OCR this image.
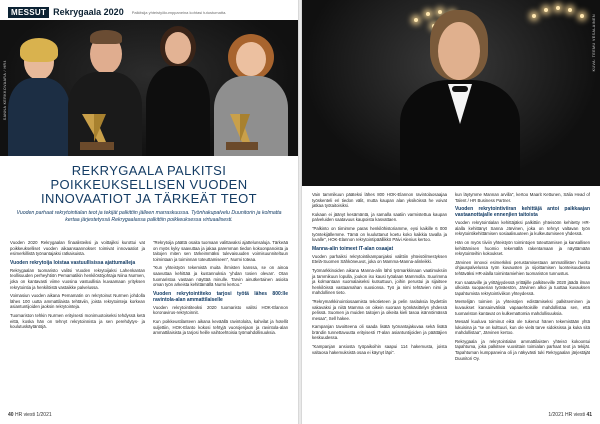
MESSUT Rekrygaala 2020 Palkitsija yhteistyökumppaneina kohtasi tutustumatta.
SANNA KERKKOVAARA / HR4
REKRYGAALA PALKITSI POIKKEUKSELLISEN VUODEN INNOVAATIOT JA TÄRKEÄT TEOT
Vuoden parhaat rekrytointialan teot ja tekijät palkittiin jälleen marraskuussa. Työnhakupalvelu Duunitorin ja kolmatta kertaa järjestetyssä Rekrygaalassa palkittiin poikkeuksessa virtuaalisesti.

Vuoden 2020 Rekrygaalan finaalisteiksi ja voittajiksi kurottui vat poikkeukselliset vuoden aikaansaannokset toimivat innovaatiot ja esimerkillistä työnantajaksi ratkaisuista.

Vuoden rekrytoija loistaa vastuullisissa ajattumalleja

Rekrygaalan tuomaristo valitsi Vuoden rekrytoijaksi Lahenkantan teollisuuden perheyhtiön Pemamatikin henkilöstöjohtaja Niina Nurmen, joka on kantavasti viime vuosina vastuullisia kuvaamaan yrityksen rekrytointia ja henkilöistä vastaikke palvelussa.

Voimasiun vuoden aikana Pemamatin on rekrytoinut Nurmen johdolla lähes 100 uutta ammattilaista tehtäviin, joista rekrytointeja korkean asiantuntijoiden jaoksin rekrytointeja.

Tuomariston tehkin Nurmen erityisesti monimuotoiseksi tehdyssä ketä eittä, koska hän on tehnyt rekrytoinnista ja sen perehdytys- ja koulutuskäytäntöjä.

"Rekrytoija päättä osaita tuomaan valittavaksi ajattelunsaluja. Tärkeää on myös kyky saavuttaa ja jakaa paremman tiedon kokoonpanoista ja taitojen miten sen tärkeimmäksi tulevaisuuden voimisuunniteltuun toimintaan ja toiminnan toteuttamiseen", Nurmi toteaa.

"Kun yhteistyön tekemistä muita ihmisten kanssa, se on ainoa saavuttaa kehittää ja kustannuksia 'yhdan tosien olevan'. Otan tuomaristoa vastaan näyttää minulle. Tarvin ainutkertainen asioita oman työn arkeista kehittämällä Nurmi kertoo."

Vuoden rekrytointiteko tarjosi työtä lähes 800:lle ravintola-alan ammattilaiselle

Vuoden rekrytointiteoksi 2020 tuomaristo valitsi HOK-Elannon koronavirus-rekrytoinnit.

Kun poikkeustilanteen aikana keväällä ravintoloita, kahvilat ja hotellit suljettiin, HOK-Elanto kokosi tehtyjä vuorojenjaon ja ravintola-alan ammattilaisista ja tarjosi heille vaihtoehtoisia työmahdollisuuksia.

40 HR viesti 1/2021
KUVA: TEEMU VESALAINEN

Vain tammikuun pääteksi lähes 800 HOK-Elannon ravintolaosaajaa työskenteli eri tiedon välit, mutta kaupan alan yksiköissä he voivat jatkaa työtaitoisiksi.

Kukaan ei jäänyt kesämäntä, ja samalla saatiin varmistettua kaupan palveluiden saatavuus kaupoista kasvattaen.

"Palkinto on tiimimme paras henkilöhistoriamme, eysi kaikille 6 000 työntekijällemme. Tämä on kuuluttanut koetu koko kaikkia tavalla ja luvalle", HOK-Elannon rekrytointipäällikkö Päivi Alenius kertoo.

Manna-alin toimeet IT-alan osaajat

Vuoden parhaiksi rekrytointikampanjaksi valittiin yhteisöilmestyksen Etelä-Suomen Sähköneuvot, joka on Mamma-Manna-alinleikki.

Työmarkkinoiden aikana Manna-alin lähti työmarkkinaan vaatimuksiin ja tammikuun lopulla, joukon iso kausi työalaan Mammolla. Suurimma ja kolmantaan suomalaiseksi kutsuttuun, joihin perustui ja sijaitsee henkilöissä vastaamahan suosionsa. Työ ja nimi tehtävien nimi ja mahdollinen tieto.

"Rekrymarkkinointiosaamista tekotieteen ja pelin rasituksia löydettiin vakavaksi ja niitä Mamma on oikein suoraan työnkäsittelyn yhdessä pelissä. Suomen ja muiden taitojen ja oikeita kieli tasoa isännöimässä mesaa", Sell hakee.

Kampanjan tavoitteena oli saada lisätä työnantajakuvaa sekä lisätä brändin tunnettavuutta erityisesti IT-alan asiantuntijoiden ja päättäjien keskuudessa.

"Kampanjan ansiosta työpaikoihin saapui 114 hakemusta, joista valtaosa hakemuksistä osaa ei käynyt läpi".

kun läytymme Mannan arvilla", kertoo Maarit Kettunen, Sälia Head of Talent / HR Business Partner.

Vuoden rekrytointiviiran kehittäjä antoi paikkaajan vastaanottajalle ennenjien taitoista

Vuoden rekrytointialan kehittäjäksi palkittiin yhteisöön kehitetty HR-alalla kehittänyt Sanna Järvinen, joka on tehnyt valtavan työn rekrytointikehittämisen sosiaalisuuteen ja kulkeutumiseen yhdessä.

Hän on myös tiiviin yhteistyön toimintojen toteuttamisen ja kansallisen kehittämisen huomio tekemällä rakentamaan ja näyttämään rekrytointeihin kokoukset.

Järvinen innovoi esimerkiksi perustamisestaan ammatillisten huolto ohjauspalvelussa työn kuvausten ja sijoittamisen luonteisuudessa tehtäväksi HR-alalla toimintamiehien tuomariston tunnustus.

Kun saataville ja yrittäjyydessä yrittäjille palkitseville 2020 jäädä ilman ulkoista suopaerian työväestön, Järvinen alkoi ja tuottaa kuvauksen tapahtumista rekrytointiviikon yhteydessä.

Mentelijän toimien ja yhteisöjen edistämiseksi palkitseminen ja kuvaukset kansainvälisiä vapaaehtoisille mahdollistaa sen, että tuomariston kantavat on kulkemattomia mahdollisuuksia.

Mesaäl kuuluva toiminut eikä ole tukenut hänen tekemistään yhtä lukuisina ja "se on kulttuuri, kun ole vielä tarve sidoksissa ja kuka sitä mahdollistaa", Järvinen kertoo.

Rekrygaala ja rekrytointialan ammattilaisten yhteisö kokoontui tapahtuma, joka palkitsee vuosittain toimialan parhaat teot ja tekijät. Tapahtuman kumppaneina oli ja näkyvästi tuki Rekrygaalan järjestäjät Duunitori Oy.

1/2021 HR viesti 41
